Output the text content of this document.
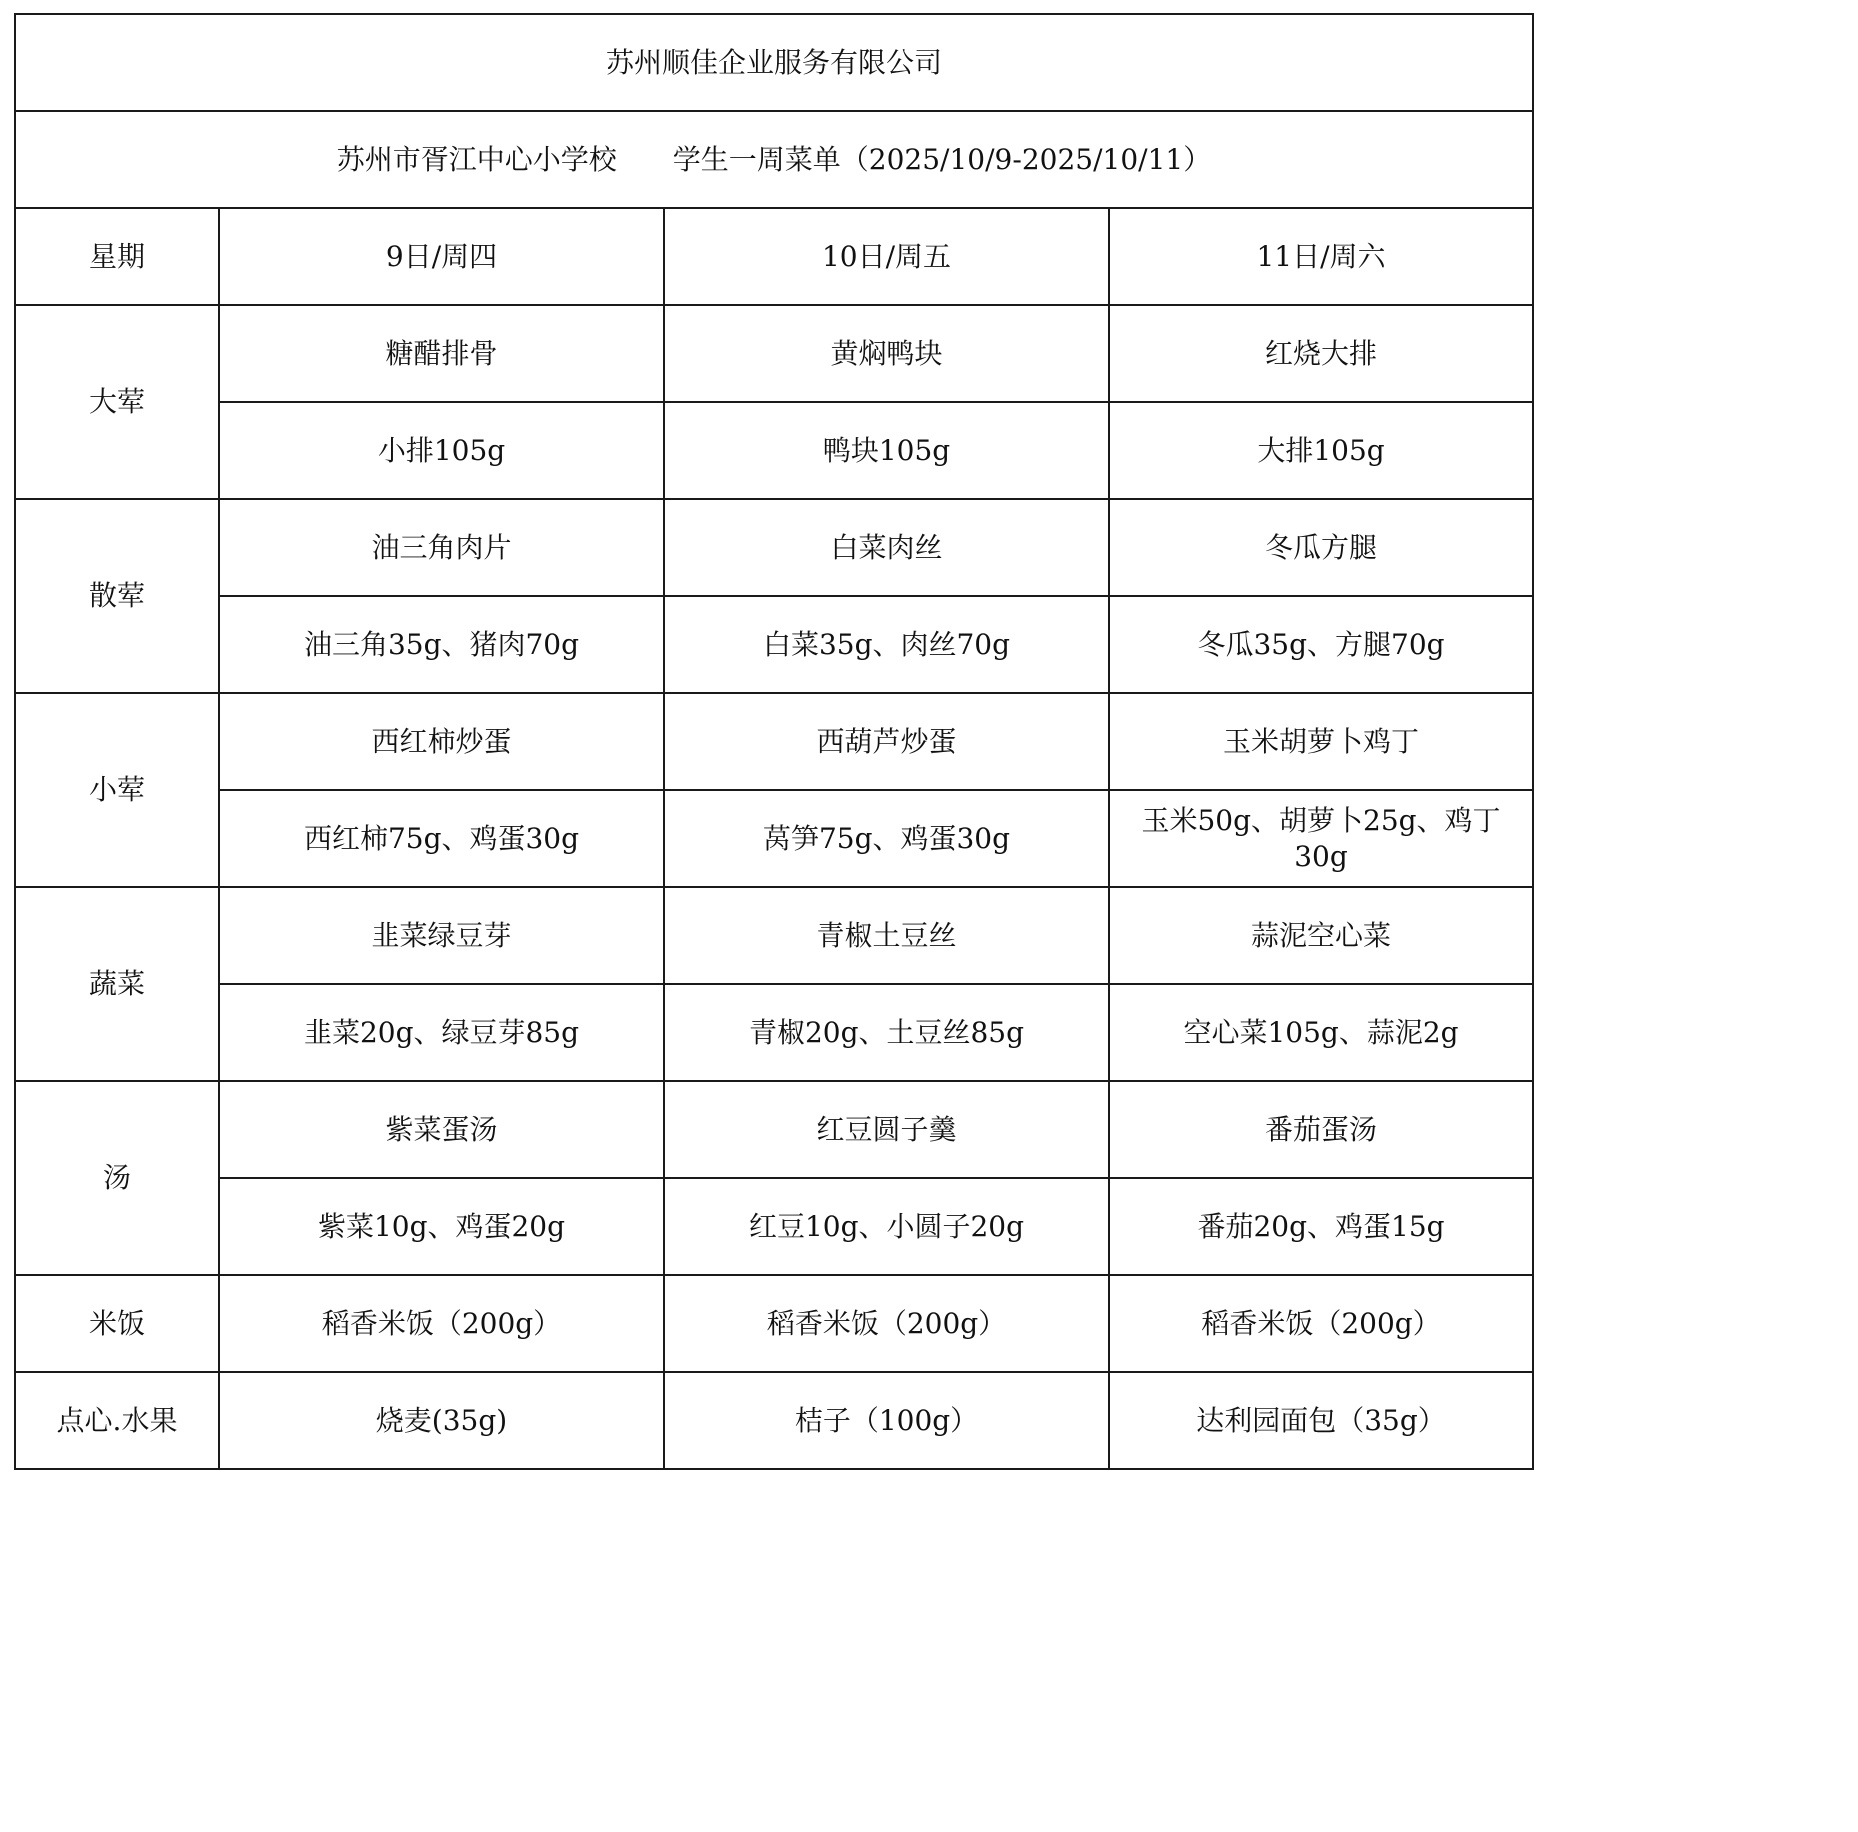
苏州顺佳企业服务有限公司			
苏州市胥江中心小学校 学生一周菜单（2025/10/9-2025/10/11）			
星期	9日/周四	10日/周五	11日/周六
大荤	糖醋排骨	黄焖鸭块	红烧大排
	小排105g	鸭块105g	大排105g
散荤	油三角肉片	白菜肉丝	冬瓜方腿
	油三角35g、猪肉70g	白菜35g、肉丝70g	冬瓜35g、方腿70g
小荤	西红柿炒蛋	西葫芦炒蛋	玉米胡萝卜鸡丁
	西红柿75g、鸡蛋30g	莴笋75g、鸡蛋30g	玉米50g、胡萝卜25g、鸡丁30g
蔬菜	韭菜绿豆芽	青椒土豆丝	蒜泥空心菜
	韭菜20g、绿豆芽85g	青椒20g、土豆丝85g	空心菜105g、蒜泥2g
汤	紫菜蛋汤	红豆圆子羹	番茄蛋汤
	紫菜10g、鸡蛋20g	红豆10g、小圆子20g	番茄20g、鸡蛋15g
米饭	稻香米饭（200g）	稻香米饭（200g）	稻香米饭（200g）
点心.水果	烧麦(35g)	桔子（100g）	达利园面包（35g）
